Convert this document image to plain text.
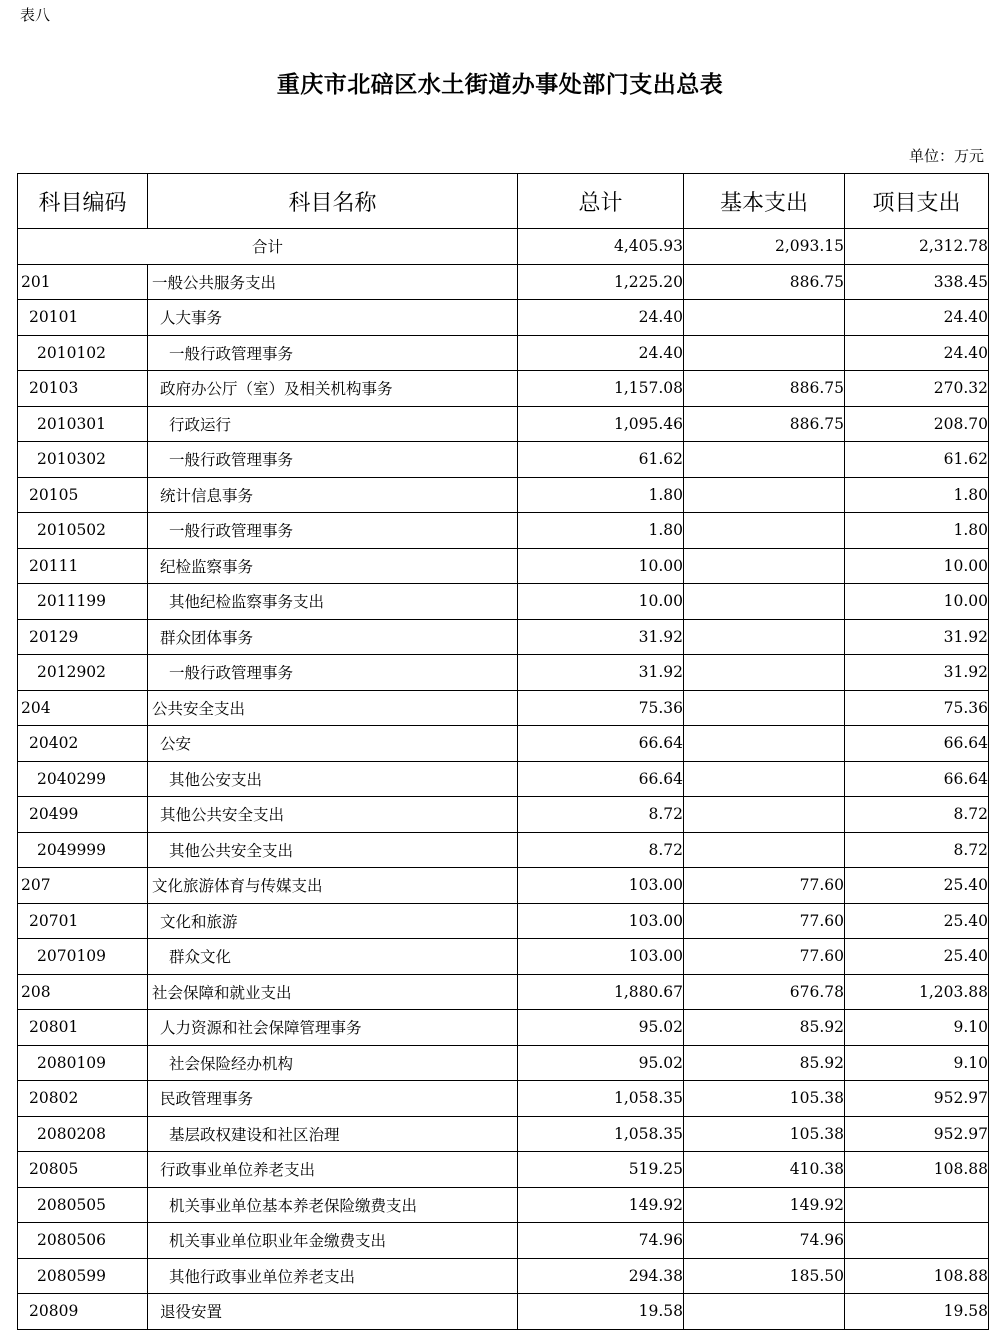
表八
重庆市北碚区水土街道办事处部门支出总表
单位：万元
科目编码	科目名称	总计	基本支出	项目支出
合计		4,405.93	2,093.15	2,312.78
201	一般公共服务支出	1,225.20	886.75	338.45
20101	人大事务	24.40		24.40
2010102	一般行政管理事务	24.40		24.40
20103	政府办公厅（室）及相关机构事务	1,157.08	886.75	270.32
2010301	行政运行	1,095.46	886.75	208.70
2010302	一般行政管理事务	61.62		61.62
20105	统计信息事务	1.80		1.80
2010502	一般行政管理事务	1.80		1.80
20111	纪检监察事务	10.00		10.00
2011199	其他纪检监察事务支出	10.00		10.00
20129	群众团体事务	31.92		31.92
2012902	一般行政管理事务	31.92		31.92
204	公共安全支出	75.36		75.36
20402	公安	66.64		66.64
2040299	其他公安支出	66.64		66.64
20499	其他公共安全支出	8.72		8.72
2049999	其他公共安全支出	8.72		8.72
207	文化旅游体育与传媒支出	103.00	77.60	25.40
20701	文化和旅游	103.00	77.60	25.40
2070109	群众文化	103.00	77.60	25.40
208	社会保障和就业支出	1,880.67	676.78	1,203.88
20801	人力资源和社会保障管理事务	95.02	85.92	9.10
2080109	社会保险经办机构	95.02	85.92	9.10
20802	民政管理事务	1,058.35	105.38	952.97
2080208	基层政权建设和社区治理	1,058.35	105.38	952.97
20805	行政事业单位养老支出	519.25	410.38	108.88
2080505	机关事业单位基本养老保险缴费支出	149.92	149.92	
2080506	机关事业单位职业年金缴费支出	74.96	74.96	
2080599	其他行政事业单位养老支出	294.38	185.50	108.88
20809	退役安置	19.58		19.58
